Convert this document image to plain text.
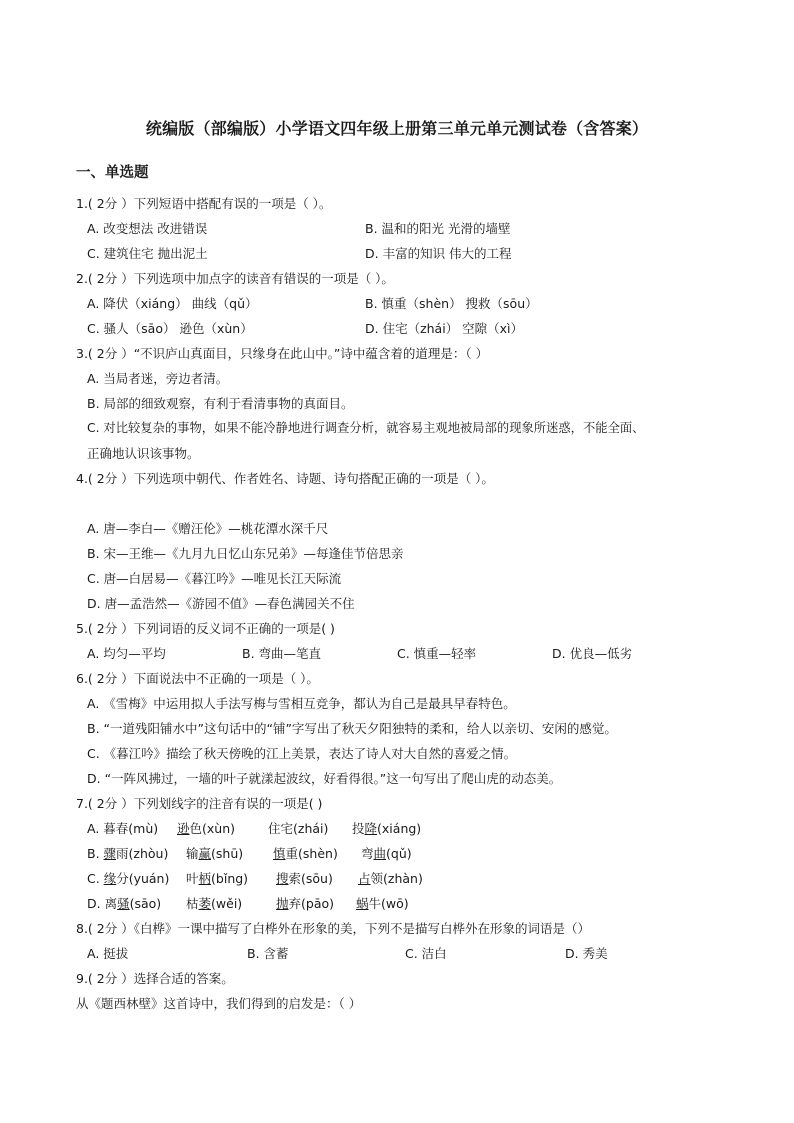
统编版（部编版）小学语文四年级上册第三单元单元测试卷（含答案）
一、单选题
1.( 2分 ）下列短语中搭配有误的一项是（ ）。
A. 改变想法 改进错误	B. 温和的阳光 光滑的墙壁
C. 建筑住宅 抛出泥土	D. 丰富的知识 伟大的工程
2.( 2分 ）下列选项中加点字的读音有错误的一项是（ ）。
A. 降伏（xiáng） 曲线（qǔ）	B. 慎重（shèn） 搜救（sōu）
C. 骚人（sāo） 逊色（xùn）	D. 住宅（zhái） 空隙（xì）
3.( 2分 ）“不识庐山真面目，只缘身在此山中。”诗中蕴含着的道理是：（ ）
A. 当局者迷，旁边者清。
B. 局部的细致观察，有利于看清事物的真面目。
C. 对比较复杂的事物，如果不能冷静地进行调查分析，就容易主观地被局部的现象所迷惑，不能全面、
正确地认识该事物。
4.( 2分 ）下列选项中朝代、作者姓名、诗题、诗句搭配正确的一项是（ ）。
A. 唐—李白—《赠汪伦》—桃花潭水深千尺
B. 宋—王维—《九月九日忆山东兄弟》—每逢佳节倍思亲
C. 唐—白居易—《暮江吟》—唯见长江天际流
D. 唐—孟浩然—《游园不值》—春色满园关不住
5.( 2分 ）下列词语的反义词不正确的一项是( )
A. 均匀—平均	B. 弯曲—笔直	C. 慎重—轻率	D. 优良—低劣
6.( 2分 ）下面说法中不正确的一项是（ ）。
A. 《雪梅》中运用拟人手法写梅与雪相互竞争，都认为自己是最具早春特色。
B. “一道残阳铺水中”这句话中的“铺”字写出了秋天夕阳独特的柔和，给人以亲切、安闲的感觉。
C. 《暮江吟》描绘了秋天傍晚的江上美景，表达了诗人对大自然的喜爱之情。
D. “一阵风拂过，一墙的叶子就漾起波纹，好看得很。”这一句写出了爬山虎的动态美。
7.( 2分 ）下列划线字的注音有误的一项是( )
A. 暮春(mù) 逊色(xùn)	住宅(zhái) 投降(xiáng)
B. 骤雨(zhòu) 输赢(shū) 慎重(shèn) 弯曲(qǔ)
C. 缘分(yuán) 叶柄(bǐng) 搜索(sōu) 占领(zhàn)
D. 离骚(sāo) 枯萎(wěi)	抛弃(pāo) 蜗牛(wō)
8.( 2分 ）《白桦》一课中描写了白桦外在形象的美，下列不是描写白桦外在形象的词语是（）
A. 挺拔	B. 含蓄	C. 洁白	D. 秀美
9.( 2分 ）选择合适的答案。
从《题西林壁》这首诗中，我们得到的启发是：（ ）
